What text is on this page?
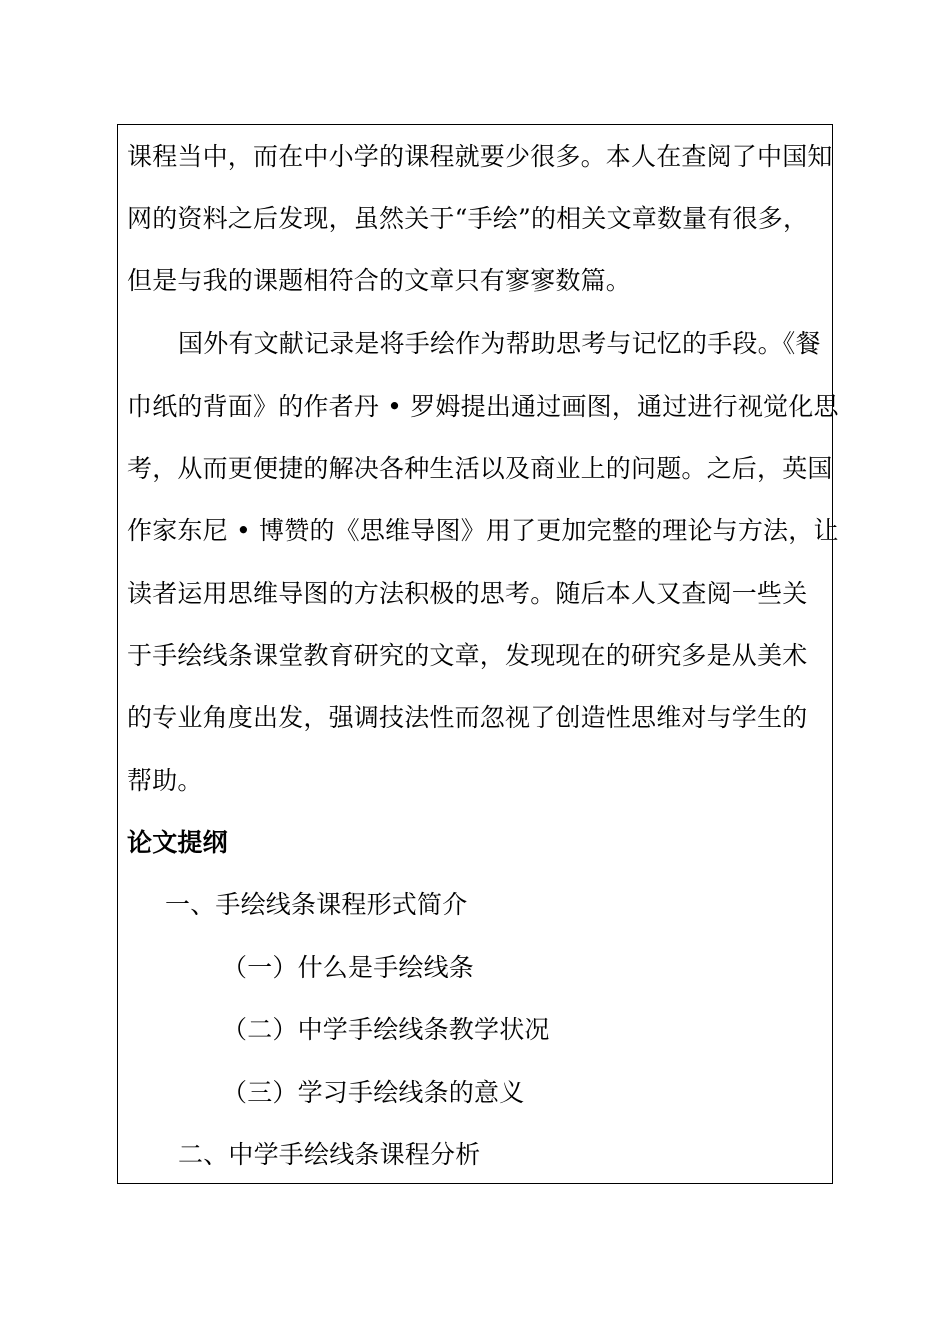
课程当中，而在中小学的课程就要少很多。本人在查阅了中国知
网的资料之后发现，虽然关于“手绘”的相关文章数量有很多，
但是与我的课题相符合的文章只有寥寥数篇。
国外有文献记录是将手绘作为帮助思考与记忆的手段。《餐
巾纸的背面》的作者丹 • 罗姆提出通过画图，通过进行视觉化思
考，从而更便捷的解决各种生活以及商业上的问题。之后，英国
作家东尼 • 博赞的《思维导图》用了更加完整的理论与方法，让
读者运用思维导图的方法积极的思考。随后本人又查阅一些关
于手绘线条课堂教育研究的文章，发现现在的研究多是从美术
的专业角度出发，强调技法性而忽视了创造性思维对与学生的
帮助。
论文提纲
一、手绘线条课程形式简介
（一）什么是手绘线条
（二）中学手绘线条教学状况
（三）学习手绘线条的意义
二、中学手绘线条课程分析
